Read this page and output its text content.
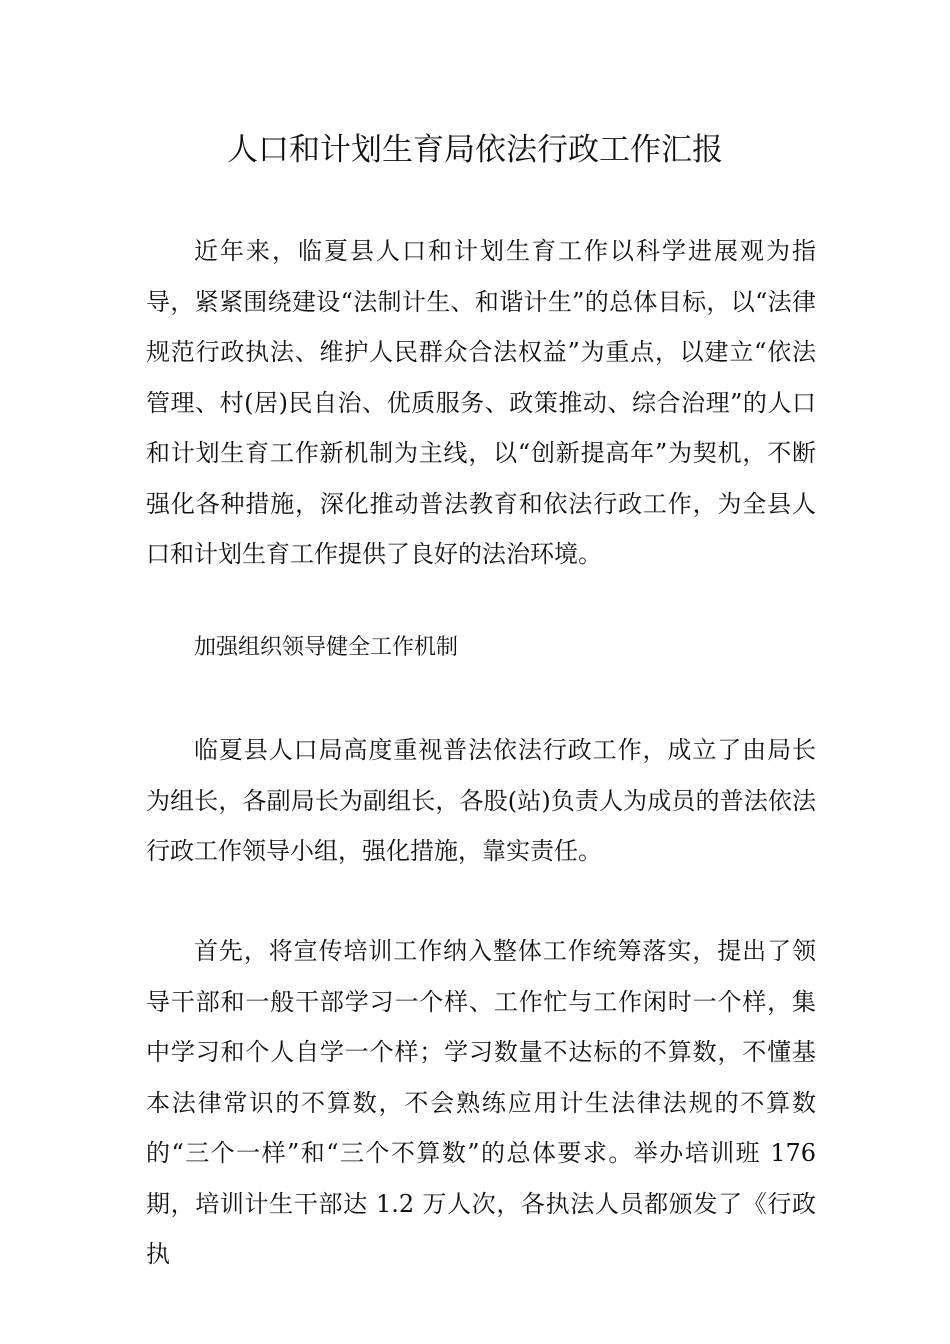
人口和计划生育局依法行政工作汇报

近年来，临夏县人口和计划生育工作以科学进展观为指导，紧紧围绕建设“法制计生、和谐计生”的总体目标，以“法律规范行政执法、维护人民群众合法权益”为重点，以建立“依法管理、村(居)民自治、优质服务、政策推动、综合治理”的人口和计划生育工作新机制为主线，以“创新提高年”为契机，不断强化各种措施，深化推动普法教育和依法行政工作，为全县人口和计划生育工作提供了良好的法治环境。

加强组织领导健全工作机制

临夏县人口局高度重视普法依法行政工作，成立了由局长为组长，各副局长为副组长，各股(站)负责人为成员的普法依法行政工作领导小组，强化措施，靠实责任。

首先，将宣传培训工作纳入整体工作统筹落实，提出了领导干部和一般干部学习一个样、工作忙与工作闲时一个样，集中学习和个人自学一个样；学习数量不达标的不算数，不懂基本法律常识的不算数，不会熟练应用计生法律法规的不算数的“三个一样”和“三个不算数”的总体要求。举办培训班 176 期，培训计生干部达 1.2 万人次，各执法人员都颁发了《行政执
